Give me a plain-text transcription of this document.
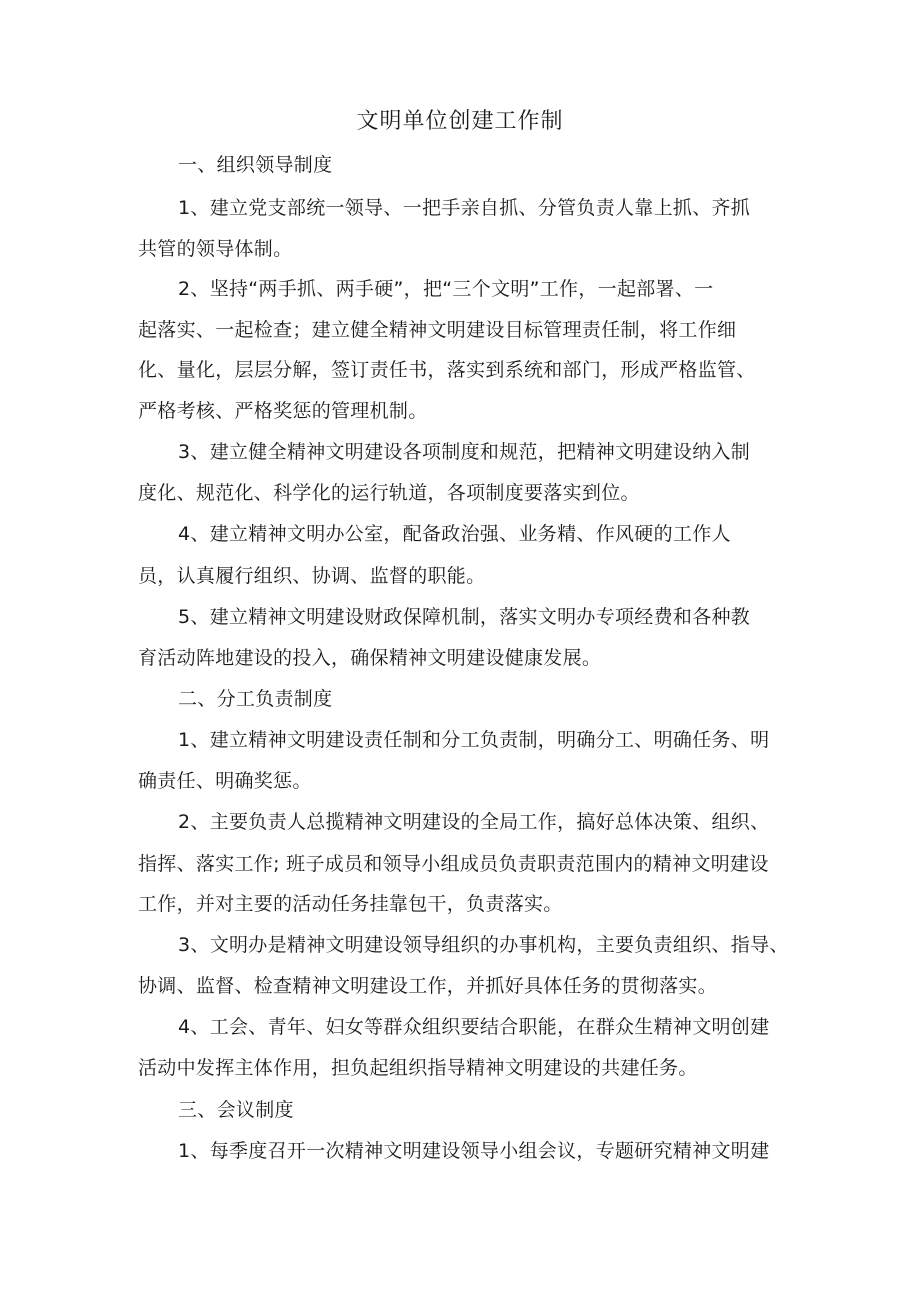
文明单位创建工作制
一、组织领导制度
1、建立党支部统一领导、一把手亲自抓、分管负责人靠上抓、齐抓
共管的领导体制。
2、坚持“两手抓、两手硬”，把“三个文明”工作，一起部署、一
起落实、一起检查；建立健全精神文明建设目标管理责任制，将工作细
化、量化，层层分解，签订责任书，落实到系统和部门，形成严格监管、
严格考核、严格奖惩的管理机制。
3、建立健全精神文明建设各项制度和规范，把精神文明建设纳入制
度化、规范化、科学化的运行轨道，各项制度要落实到位。
4、建立精神文明办公室，配备政治强、业务精、作风硬的工作人
员，认真履行组织、协调、监督的职能。
5、建立精神文明建设财政保障机制，落实文明办专项经费和各种教
育活动阵地建设的投入，确保精神文明建设健康发展。
二、分工负责制度
1、建立精神文明建设责任制和分工负责制，明确分工、明确任务、明
确责任、明确奖惩。
2、主要负责人总揽精神文明建设的全局工作，搞好总体决策、组织、
指挥、落实工作; 班子成员和领导小组成员负责职责范围内的精神文明建设
工作，并对主要的活动任务挂靠包干，负责落实。
3、文明办是精神文明建设领导组织的办事机构，主要负责组织、指导、
协调、监督、检查精神文明建设工作，并抓好具体任务的贯彻落实。
4、工会、青年、妇女等群众组织要结合职能，在群众生精神文明创建
活动中发挥主体作用，担负起组织指导精神文明建设的共建任务。
三、会议制度
1、每季度召开一次精神文明建设领导小组会议，专题研究精神文明建
